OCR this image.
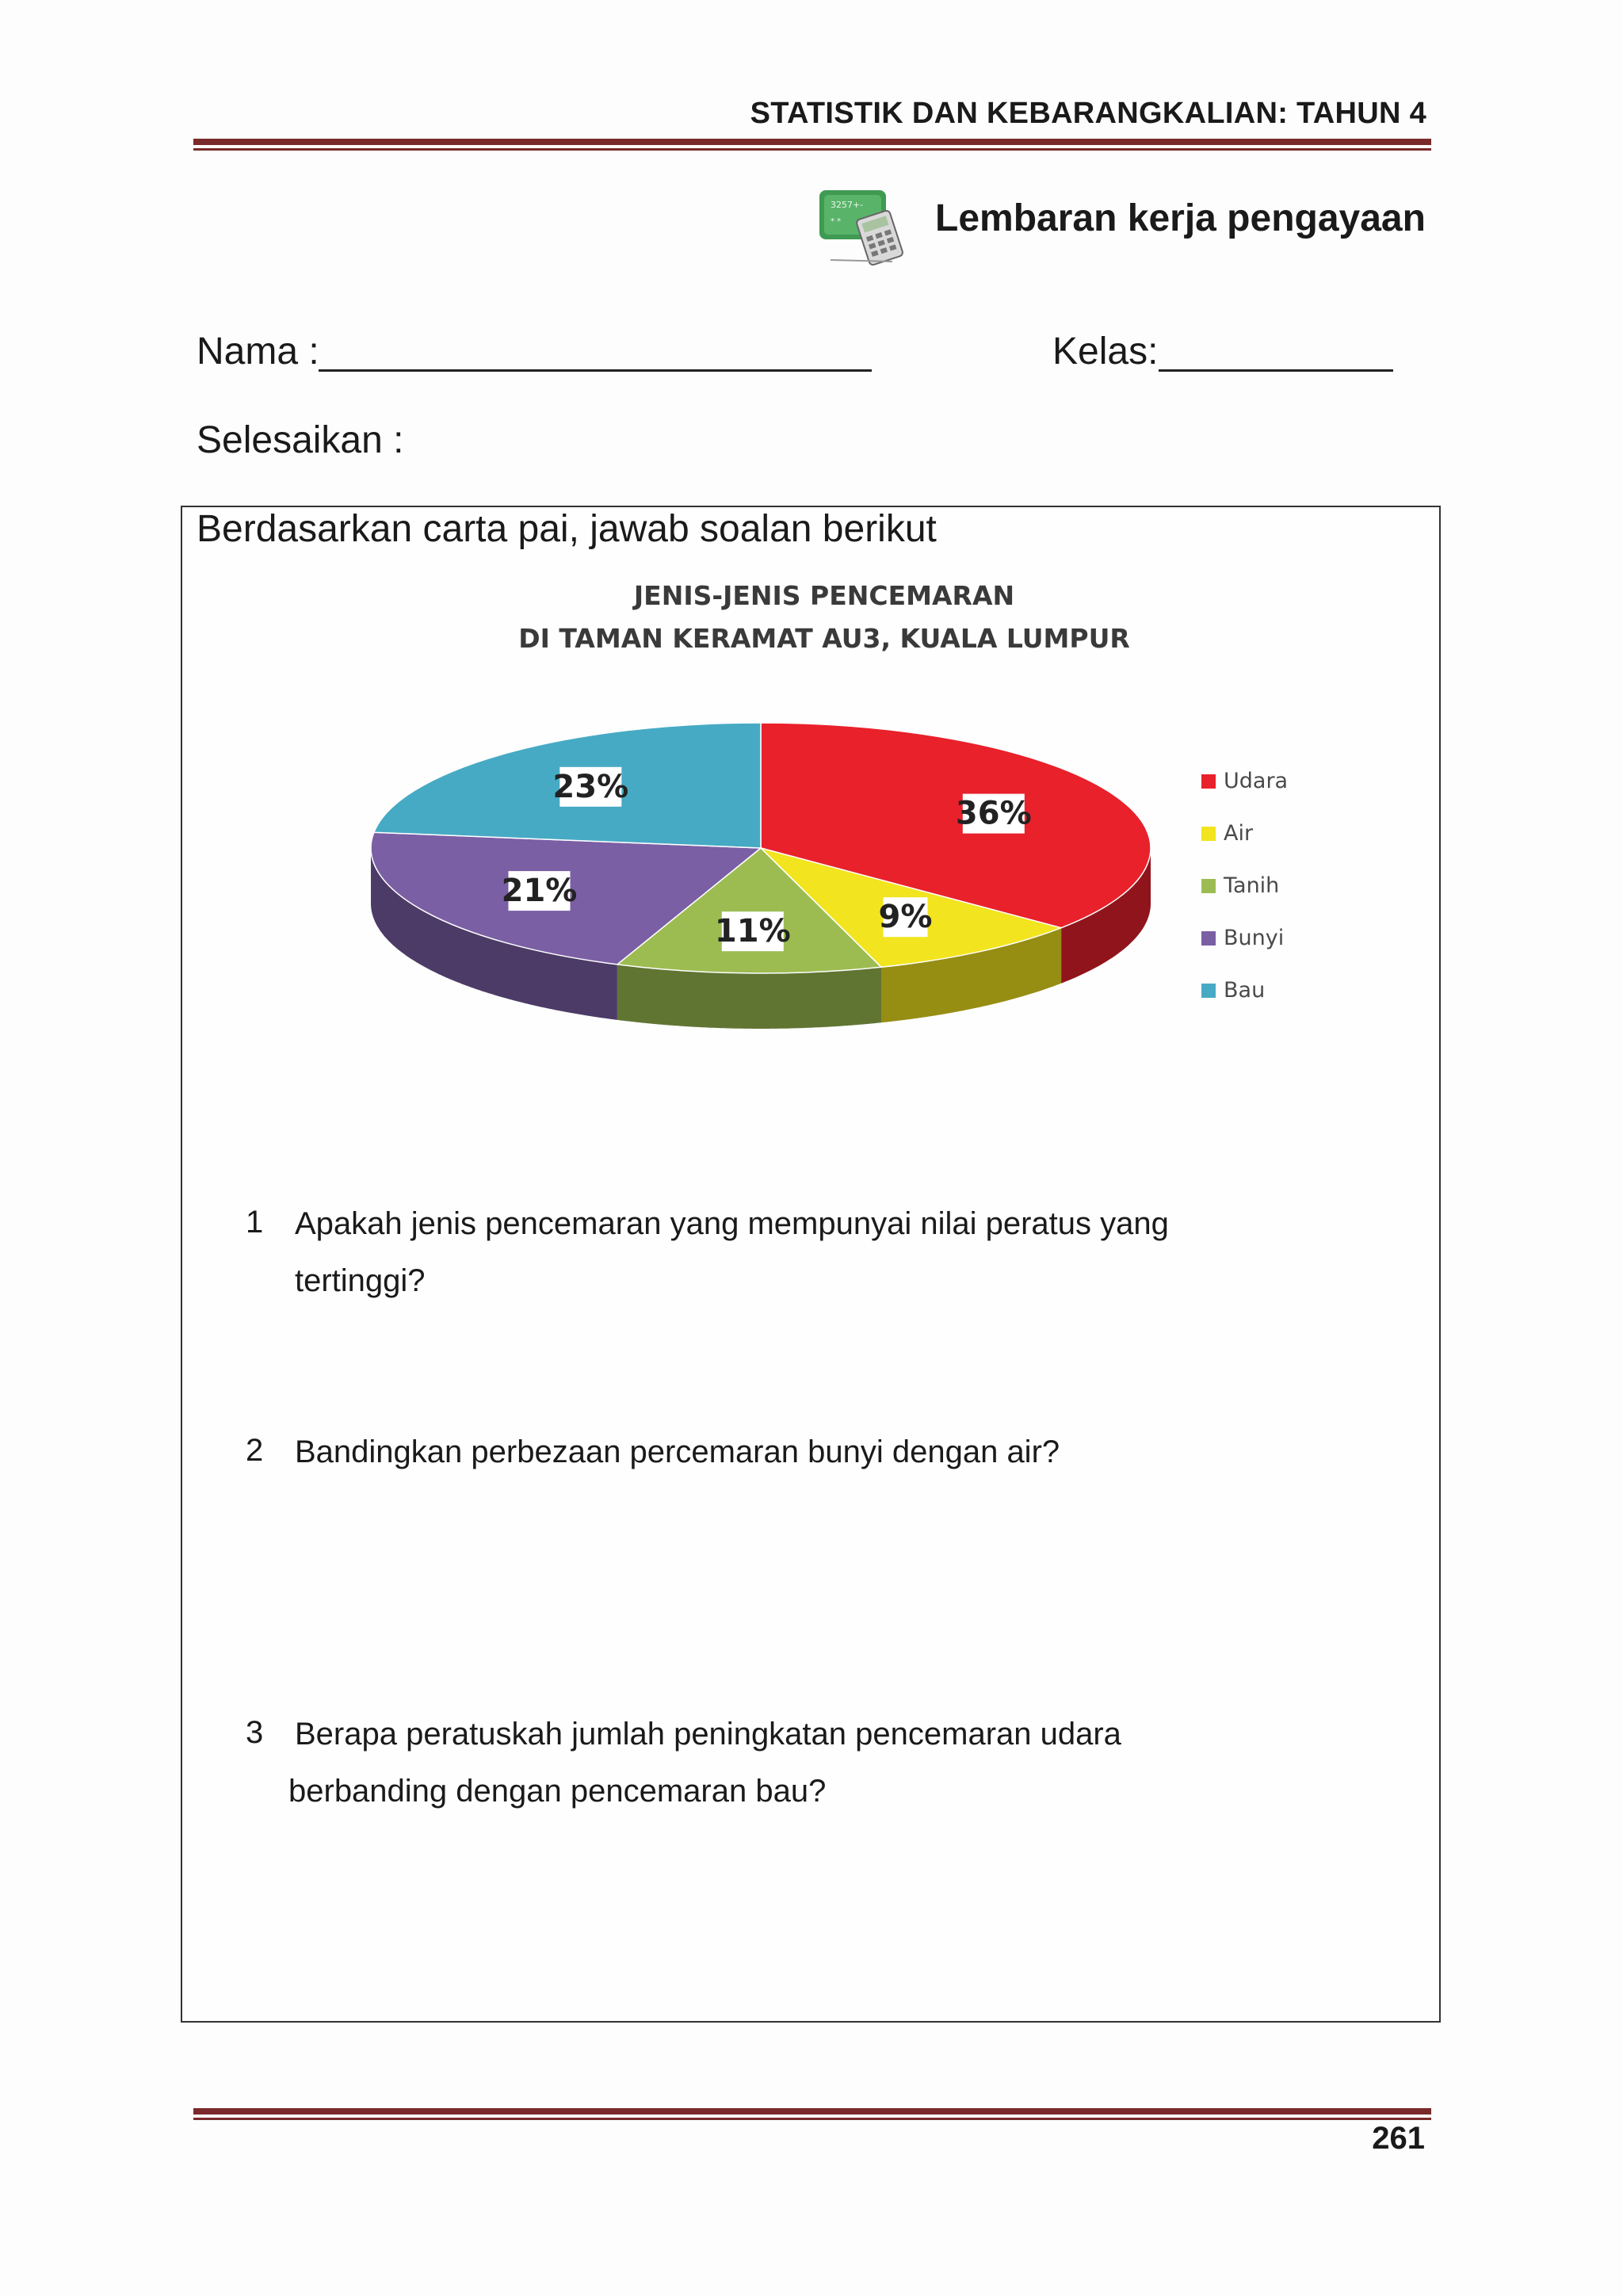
STATISTIK DAN KEBARANGKALIAN: TAHUN 4
3257+-
* * Lembaran kerja pengayaan
Nama :	Kelas:
Selesaikan :
Berdasarkan carta pai, jawab soalan berikut
JENIS-JENIS PENCEMARAN
DI TAMAN KERAMAT AU3, KUALA LUMPUR
36%
9%
11%
21%
23%	Udara
Air
Tanih
Bunyi
Bau
1 Apakah jenis pencemaran yang mempunyai nilai peratus yang
tertinggi?
2 Bandingkan perbezaan percemaran bunyi dengan air?
3 Berapa peratuskah jumlah peningkatan pencemaran udara
berbanding dengan pencemaran bau?
261
